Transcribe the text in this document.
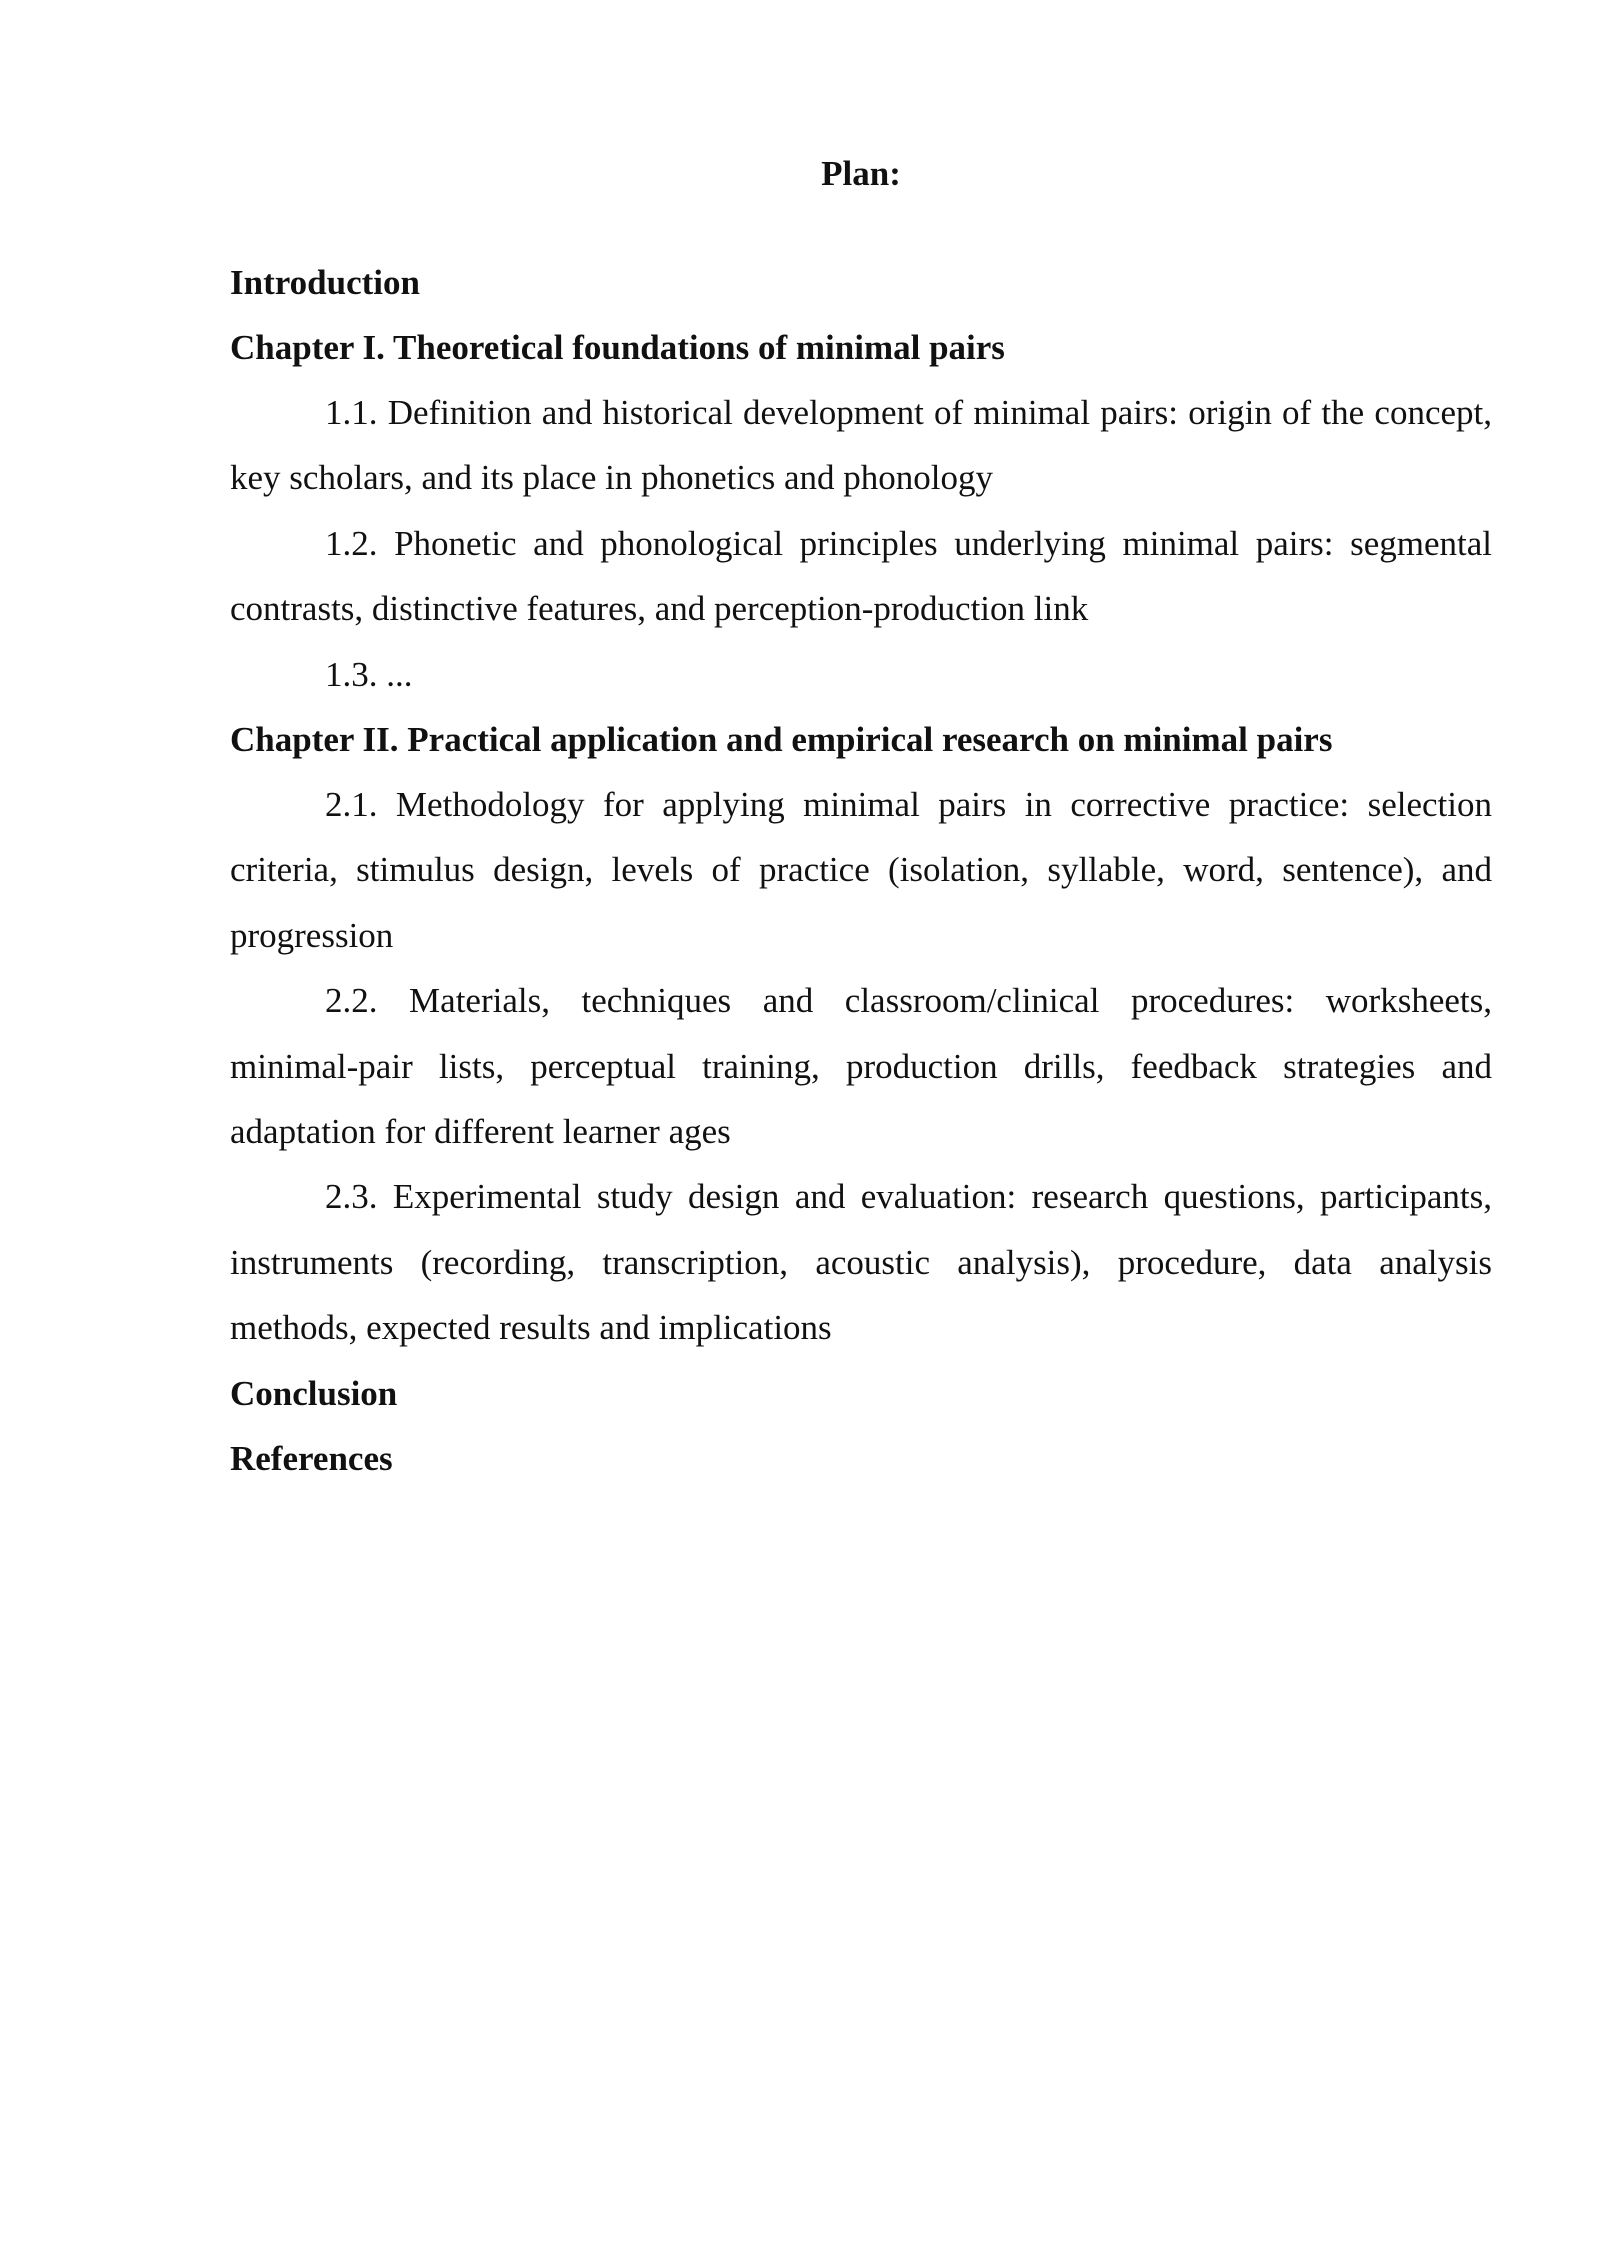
Plan:

Introduction

Chapter I. Theoretical foundations of minimal pairs

1.1. Definition and historical development of minimal pairs: origin of the concept, key scholars, and its place in phonetics and phonology

1.2. Phonetic and phonological principles underlying minimal pairs: segmental contrasts, distinctive features, and perception-production link

1.3. ...

Chapter II. Practical application and empirical research on minimal pairs

2.1. Methodology for applying minimal pairs in corrective practice: selection criteria, stimulus design, levels of practice (isolation, syllable, word, sentence), and progression

2.2. Materials, techniques and classroom/clinical procedures: worksheets, minimal-pair lists, perceptual training, production drills, feedback strategies and adaptation for different learner ages

2.3. Experimental study design and evaluation: research questions, participants, instruments (recording, transcription, acoustic analysis), procedure, data analysis methods, expected results and implications

Conclusion

References
